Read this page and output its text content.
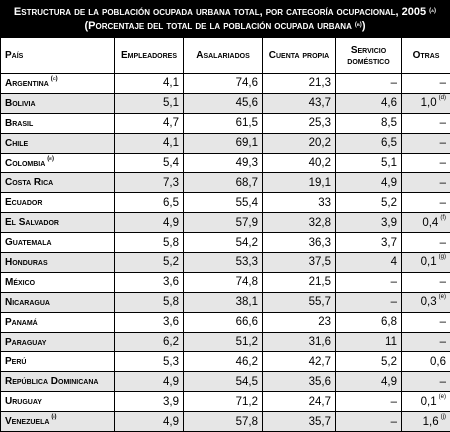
Estructura de la población ocupada urbana total, por categoría ocupacional, 2005 $^{(a)}$
(Porcentaje del total de la población ocupada urbana $^{(b)}$)
País	Empleadores	Asalariados	Cuenta propia	Servicio doméstico	Otras
Argentina $^{(c)}$	4,1	74,6	21,3	–	–
Bolivia	5,1	45,6	43,7	4,6	1,0 $^{(d)}$
Brasil	4,7	61,5	25,3	8,5	–
Chile	4,1	69,1	20,2	6,5	–
Colombia $^{(e)}$	5,4	49,3	40,2	5,1	–
Costa Rica	7,3	68,7	19,1	4,9	–
Ecuador	6,5	55,4	33	5,2	–
El Salvador	4,9	57,9	32,8	3,9	0,4 $^{(f)}$
Guatemala	5,8	54,2	36,3	3,7	–
Honduras	5,2	53,3	37,5	4	0,1 $^{(g)}$
México	3,6	74,8	21,5	–	–
Nicaragua	5,8	38,1	55,7	–	0,3 $^{(e)}$
Panamá	3,6	66,6	23	6,8	–
Paraguay	6,2	51,2	31,6	11	–
Perú	5,3	46,2	42,7	5,2	0,6
República Dominicana	4,9	54,5	35,6	4,9	–
Uruguay	3,9	71,2	24,7	–	0,1 $^{(e)}$
Venezuela $^{(i)}$	4,9	57,8	35,7	–	1,6 $^{(j)}$
